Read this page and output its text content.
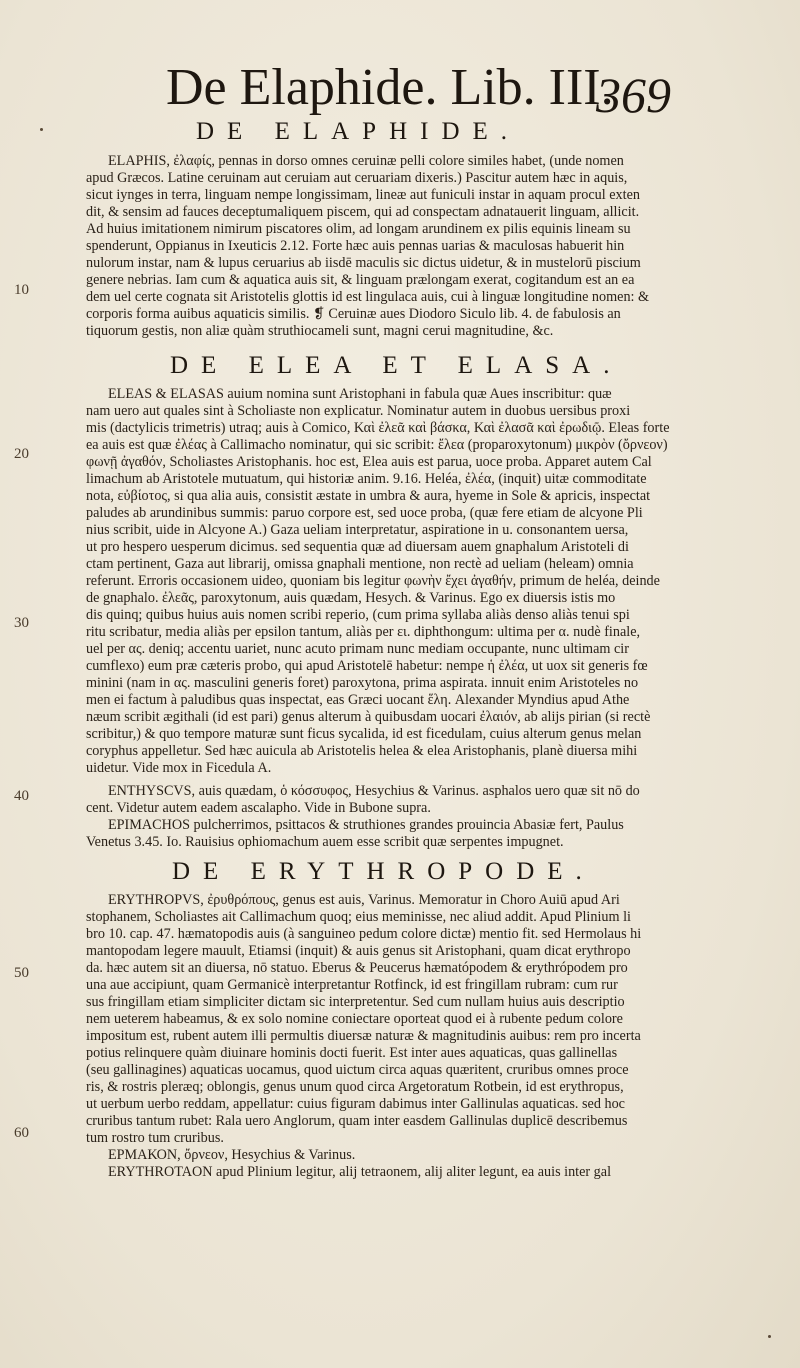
De Elaphide. Lib. III.
369
DE ELAPHIDE.
ELAPHIS, ἐλαφίς, pennas in dorso omnes ceruinæ pelli colore similes habet, (unde nomen
apud Græcos. Latine ceruinam aut ceruiam aut ceruariam dixeris.) Pascitur autem hæc in aquis,
sicut iynges in terra, linguam nempe longissimam, lineæ aut funiculi instar in aquam procul exten
dit, & sensim ad fauces deceptumaliquem piscem, qui ad conspectam adnatauerit linguam, allicit.
Ad huius imitationem nimirum piscatores olim, ad longam arundinem ex pilis equinis lineam su
spenderunt, Oppianus in Ixeuticis 2.12. Forte hæc auis pennas uarias & maculosas habuerit hin
nulorum instar, nam & lupus ceruarius ab iisdē maculis sic dictus uidetur, & in mustelorū piscium
genere nebrias. Iam cum & aquatica auis sit, & linguam prælongam exerat, cogitandum est an ea
dem uel certe cognata sit Aristotelis glottis id est lingulaca auis, cui à linguæ longitudine nomen: &
corporis forma auibus aquaticis similis. ❡ Ceruinæ aues Diodoro Siculo lib. 4. de fabulosis an
tiquorum gestis, non aliæ quàm struthiocameli sunt, magni cerui magnitudine, &c.
DE ELEA ET ELASA.
ELEAS & ELASAS auium nomina sunt Aristophani in fabula quæ Aues inscribitur: quæ
nam uero aut quales sint à Scholiaste non explicatur. Nominatur autem in duobus uersibus proxi
mis (dactylicis trimetris) utraq; auis à Comico, Καὶ ἐλεᾶ καὶ βάσκα, Καὶ ἐλασᾶ καὶ ἐρωδιῷ. Eleas forte
ea auis est quæ ἐλέας à Callimacho nominatur, qui sic scribit: ἔλεα (proparoxytonum) μικρὸν (ὄρνεον)
φωνῇ ἀγαθόν, Scholiastes Aristophanis. hoc est, Elea auis est parua, uoce proba. Apparet autem Cal
limachum ab Aristotele mutuatum, qui historiæ anim. 9.16. Heléa, ἐλέα, (inquit) uitæ commoditate
nota, εὐβίοτος, si qua alia auis, consistit æstate in umbra & aura, hyeme in Sole & apricis, inspectat
paludes ab arundinibus summis: paruo corpore est, sed uoce proba, (quæ fere etiam de alcyone Pli
nius scribit, uide in Alcyone A.) Gaza ueliam interpretatur, aspiratione in u. consonantem uersa,
ut pro hespero uesperum dicimus. sed sequentia quæ ad diuersam auem gnaphalum Aristoteli di
ctam pertinent, Gaza aut librarij, omissa gnaphali mentione, non rectè ad ueliam (heleam) omnia
referunt. Erroris occasionem uideo, quoniam bis legitur φωνὴν ἔχει ἀγαθήν, primum de heléa, deinde
de gnaphalo. ἐλεᾶς, paroxytonum, auis quædam, Hesych. & Varinus. Ego ex diuersis istis mo
dis quinq; quibus huius auis nomen scribi reperio, (cum prima syllaba aliàs denso aliàs tenui spi
ritu scribatur, media aliàs per epsilon tantum, aliàs per ει. diphthongum: ultima per α. nudè finale,
uel per ας. deniq; accentu uariet, nunc acuto primam nunc mediam occupante, nunc ultimam cir
cumflexo) eum præ cæteris probo, qui apud Aristotelē habetur: nempe ἡ ἐλέα, ut uox sit generis fœ
minini (nam in ας. masculini generis foret) paroxytona, prima aspirata. innuit enim Aristoteles no
men ei factum à paludibus quas inspectat, eas Græci uocant ἕλη. Alexander Myndius apud Athe
næum scribit ægithali (id est pari) genus alterum à quibusdam uocari ἐλαιόν, ab alijs pirian (si rectè
scribitur,) & quo tempore maturæ sunt ficus sycalida, id est ficedulam, cuius alterum genus melan
coryphus appelletur. Sed hæc auicula ab Aristotelis helea & elea Aristophanis, planè diuersa mihi
uidetur. Vide mox in Ficedula A.
ENTHYSCVS, auis quædam, ὁ κόσσυφος, Hesychius & Varinus. asphalos uero quæ sit nō do
cent. Videtur autem eadem ascalapho. Vide in Bubone supra.
EPIMACHOS pulcherrimos, psittacos & struthiones grandes prouincia Abasiæ fert, Paulus
Venetus 3.45. Io. Rauisius ophiomachum auem esse scribit quæ serpentes impugnet.
DE ERYTHROPODE.
ERYTHROPVS, ἐρυθρόπους, genus est auis, Varinus. Memoratur in Choro Auiū apud Ari
stophanem, Scholiastes ait Callimachum quoq; eius meminisse, nec aliud addit. Apud Plinium li
bro 10. cap. 47. hæmatopodis auis (à sanguineo pedum colore dictæ) mentio fit. sed Hermolaus hi
mantopodam legere mauult, Etiamsi (inquit) & auis genus sit Aristophani, quam dicat erythropo
da. hæc autem sit an diuersa, nō statuo. Eberus & Peucerus hæmatópodem & erythrópodem pro
una aue accipiunt, quam Germanicè interpretantur Rotfinck, id est fringillam rubram: cum rur
sus fringillam etiam simpliciter dictam sic interpretentur. Sed cum nullam huius auis descriptio
nem ueterem habeamus, & ex solo nomine coniectare oporteat quod ei à rubente pedum colore
impositum est, rubent autem illi permultis diuersæ naturæ & magnitudinis auibus: rem pro incerta
potius relinquere quàm diuinare hominis docti fuerit. Est inter aues aquaticas, quas gallinellas
(seu gallinagines) aquaticas uocamus, quod uictum circa aquas quæritent, cruribus omnes proce
ris, & rostris pleræq; oblongis, genus unum quod circa Argetoratum Rotbein, id est erythropus,
ut uerbum uerbo reddam, appellatur: cuius figuram dabimus inter Gallinulas aquaticas. sed hoc
cruribus tantum rubet: Rala uero Anglorum, quam inter easdem Gallinulas duplicē describemus
tum rostro tum cruribus.
ΕΡΜΑΚΟΝ, ὄρνεον, Hesychius & Varinus.
ERYTHROTAON apud Plinium legitur, alij tetraonem, alij aliter legunt, ea auis inter gal
10
20
30
40
50
60
